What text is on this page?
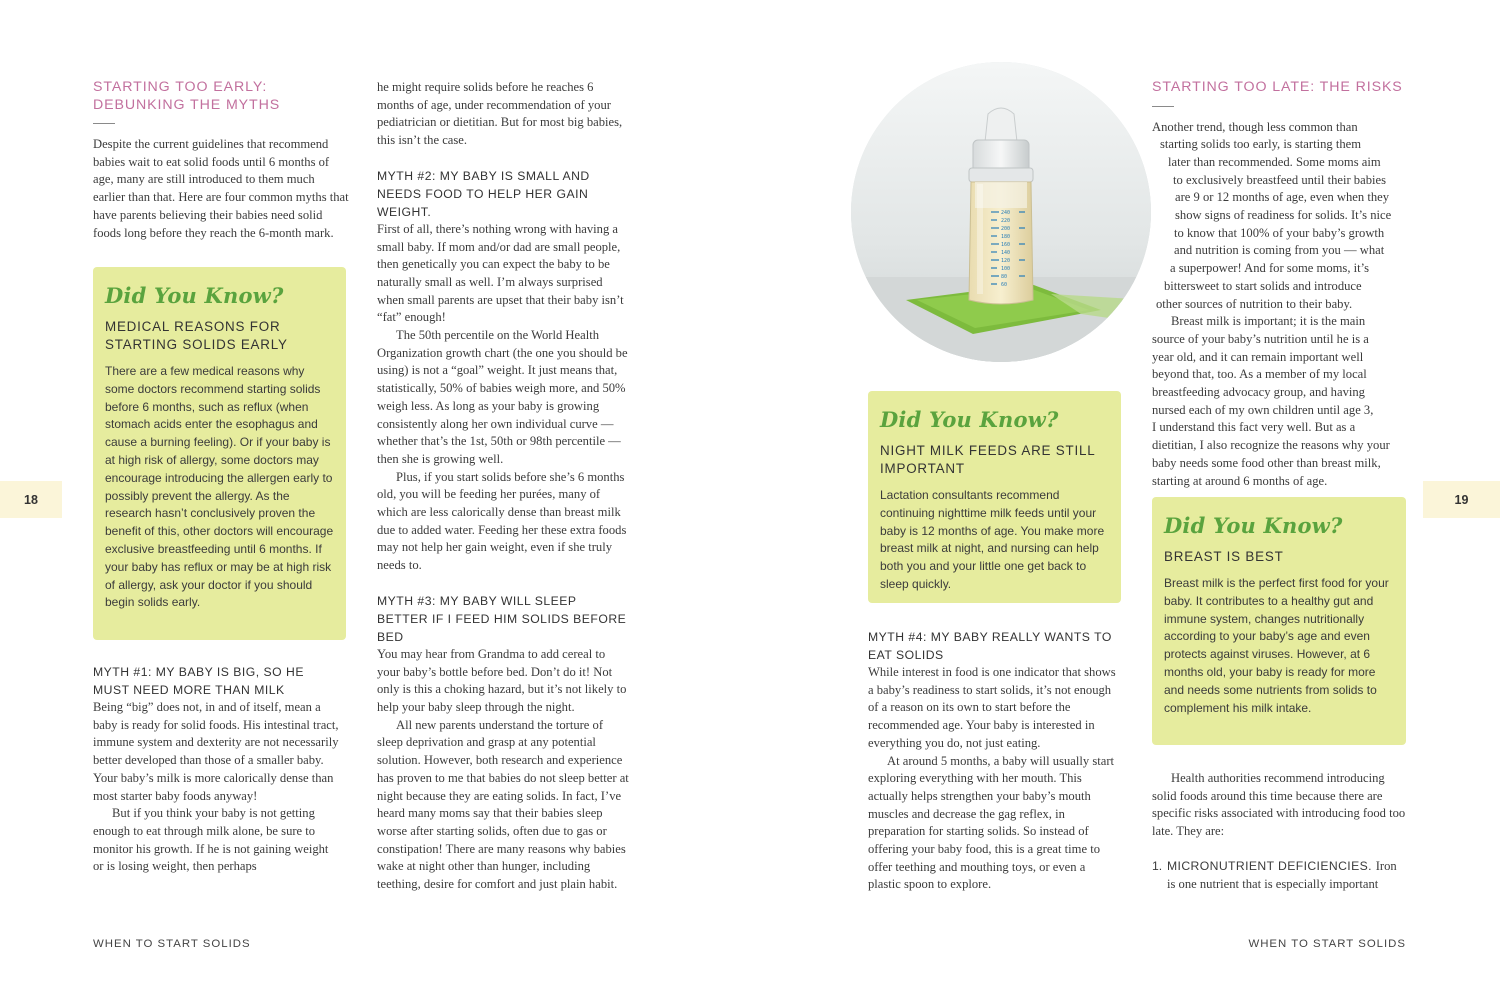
18
STARTING TOO EARLY:
DEBUNKING THE MYTHS

Despite the current guidelines that recommend babies wait to eat solid foods until 6 months of age, many are still introduced to them much earlier than that. Here are four common myths that have parents believing their babies need solid foods long before they reach the 6-month mark.

Did You Know?
MEDICAL REASONS FOR STARTING SOLIDS EARLY
There are a few medical reasons why some doctors recommend starting solids before 6 months, such as reflux (when stomach acids enter the esophagus and cause a burning feeling). Or if your baby is at high risk of allergy, some doctors may encourage introducing the allergen early to possibly prevent the allergy. As the research hasn’t conclusively proven the benefit of this, other doctors will encourage exclusive breastfeeding until 6 months. If your baby has reflux or may be at high risk of allergy, ask your doctor if you should begin solids early.
MYTH #1: MY BABY IS BIG, SO HE MUST NEED MORE THAN MILK

Being “big” does not, in and of itself, mean a baby is ready for solid foods. His intestinal tract, immune system and dexterity are not necessarily better developed than those of a smaller baby. Your baby’s milk is more calorically dense than most starter baby foods anyway!

But if you think your baby is not getting enough to eat through milk alone, be sure to monitor his growth. If he is not gaining weight or is losing weight, then perhaps

he might require solids before he reaches 6 months of age, under recommendation of your pediatrician or dietitian. But for most big babies, this isn’t the case.

MYTH #2: MY BABY IS SMALL AND NEEDS FOOD TO HELP HER GAIN WEIGHT.

First of all, there’s nothing wrong with having a small baby. If mom and/or dad are small people, then genetically you can expect the baby to be naturally small as well. I’m always surprised when small parents are upset that their baby isn’t “fat” enough!

The 50th percentile on the World Health Organization growth chart (the one you should be using) is not a “goal” weight. It just means that, statistically, 50% of babies weigh more, and 50% weigh less. As long as your baby is growing consistently along her own individual curve — whether that’s the 1st, 50th or 98th percentile — then she is growing well.

Plus, if you start solids before she’s 6 months old, you will be feeding her purées, many of which are less calorically dense than breast milk due to added water. Feeding her these extra foods may not help her gain weight, even if she truly needs to.

MYTH #3: MY BABY WILL SLEEP BETTER IF I FEED HIM SOLIDS BEFORE BED

You may hear from Grandma to add cereal to your baby’s bottle before bed. Don’t do it! Not only is this a choking hazard, but it’s not likely to help your baby sleep through the night.

All new parents understand the torture of sleep deprivation and grasp at any potential solution. However, both research and experience has proven to me that babies do not sleep better at night because they are eating solids. In fact, I’ve heard many moms say that their babies sleep worse after starting solids, often due to gas or constipation! There are many reasons why babies wake at night other than hunger, including teething, desire for comfort and just plain habit.

WHEN TO START SOLIDS
19
240
220
200
180
160
140
120
100
80
60
Did You Know?
NIGHT MILK FEEDS ARE STILL IMPORTANT
Lactation consultants recommend continuing nighttime milk feeds until your baby is 12 months of age. You make more breast milk at night, and nursing can help both you and your little one get back to sleep quickly.
MYTH #4: MY BABY REALLY WANTS TO EAT SOLIDS

While interest in food is one indicator that shows a baby’s readiness to start solids, it’s not enough of a reason on its own to start before the recommended age. Your baby is interested in everything you do, not just eating.

At around 5 months, a baby will usually start exploring everything with her mouth. This actually helps strengthen your baby’s mouth muscles and decrease the gag reflex, in preparation for starting solids. So instead of offering your baby food, this is a great time to offer teething and mouthing toys, or even a plastic spoon to explore.

STARTING TOO LATE: THE RISKS
Another trend, though less common than
starting solids too early, is starting them
later than recommended. Some moms aim
to exclusively breastfeed until their babies
are 9 or 12 months of age, even when they
show signs of readiness for solids. It’s nice
to know that 100% of your baby’s growth
and nutrition is coming from you — what
a superpower! And for some moms, it’s
bittersweet to start solids and introduce
other sources of nutrition to their baby.
Breast milk is important; it is the main
source of your baby’s nutrition until he is a
year old, and it can remain important well
beyond that, too. As a member of my local
breastfeeding advocacy group, and having
nursed each of my own children until age 3,
I understand this fact very well. But as a
dietitian, I also recognize the reasons why your
baby needs some food other than breast milk,
starting at around 6 months of age.
Did You Know?
BREAST IS BEST
Breast milk is the perfect first food for your baby. It contributes to a healthy gut and immune system, changes nutritionally according to your baby’s age and even protects against viruses. However, at 6 months old, your baby is ready for more and needs some nutrients from solids to complement his milk intake.

Health authorities recommend introducing solid foods around this time because there are specific risks associated with introducing food too late. They are:

1. MICRONUTRIENT DEFICIENCIES. Iron is one nutrient that is especially important
WHEN TO START SOLIDS
